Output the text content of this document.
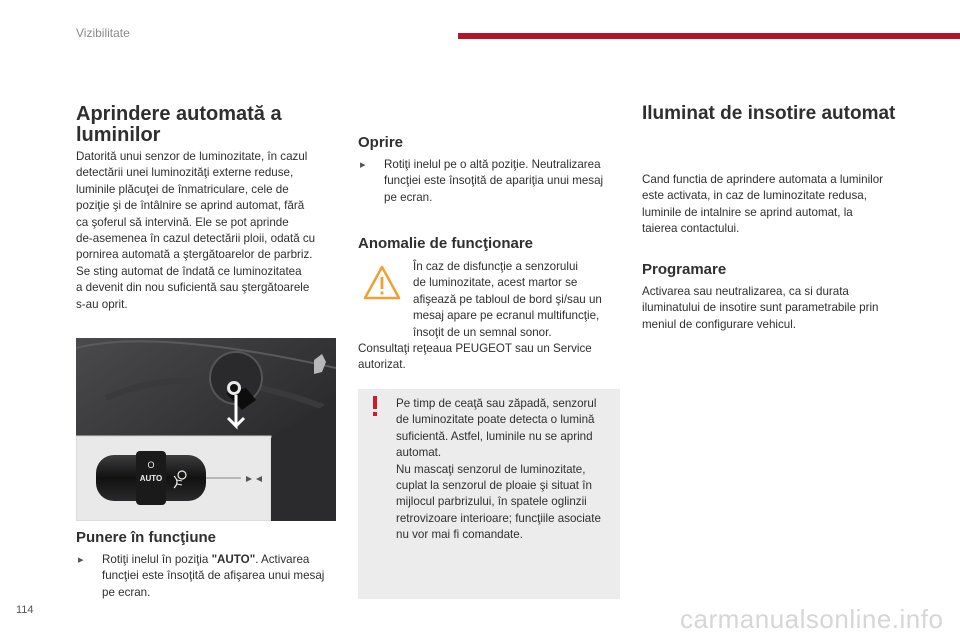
Vizibilitate
Aprindere automată a
luminilor
Datorită unui senzor de luminozitate, în cazul
detectării unei luminozităţi externe reduse,
luminile plăcuţei de înmatriculare, cele de
poziţie şi de întâlnire se aprind automat, fără
ca şoferul să intervină. Ele se pot aprinde
de-asemenea în cazul detectării ploii, odată cu
pornirea automată a ştergătoarelor de parbriz.
Se sting automat de îndată ce luminozitatea
a devenit din nou suficientă sau ştergătoarele
s-au oprit.
O
AUTO
Punere în funcţiune
▸	Rotiţi inelul în poziţia "AUTO". Activarea
funcţiei este însoţită de afişarea unui mesaj
pe ecran.
Oprire
▸	Rotiţi inelul pe o altă poziţie. Neutralizarea
funcţiei este însoţită de apariţia unui mesaj
pe ecran.
Anomalie de funcţionare
În caz de disfuncţie a senzorului
de luminozitate, acest martor se
afişează pe tabloul de bord şi/sau un
mesaj apare pe ecranul multifuncţie,
însoţit de un semnal sonor.
Consultaţi reţeaua PEUGEOT sau un Service
autorizat.
Pe timp de ceaţă sau zăpadă, senzorul
de luminozitate poate detecta o lumină
suficientă. Astfel, luminile nu se aprind
automat.
Nu mascaţi senzorul de luminozitate,
cuplat la senzorul de ploaie şi situat în
mijlocul parbrizului, în spatele oglinzii
retrovizoare interioare; funcţiile asociate
nu vor mai fi comandate.
Iluminat de insotire automat
Cand functia de aprindere automata a luminilor
este activata, in caz de luminozitate redusa,
luminile de intalnire se aprind automat, la
taierea contactului.
Programare
Activarea sau neutralizarea, ca si durata
iluminatului de insotire sunt parametrabile prin
meniul de configurare vehicul.
114	carmanualsonline.info
